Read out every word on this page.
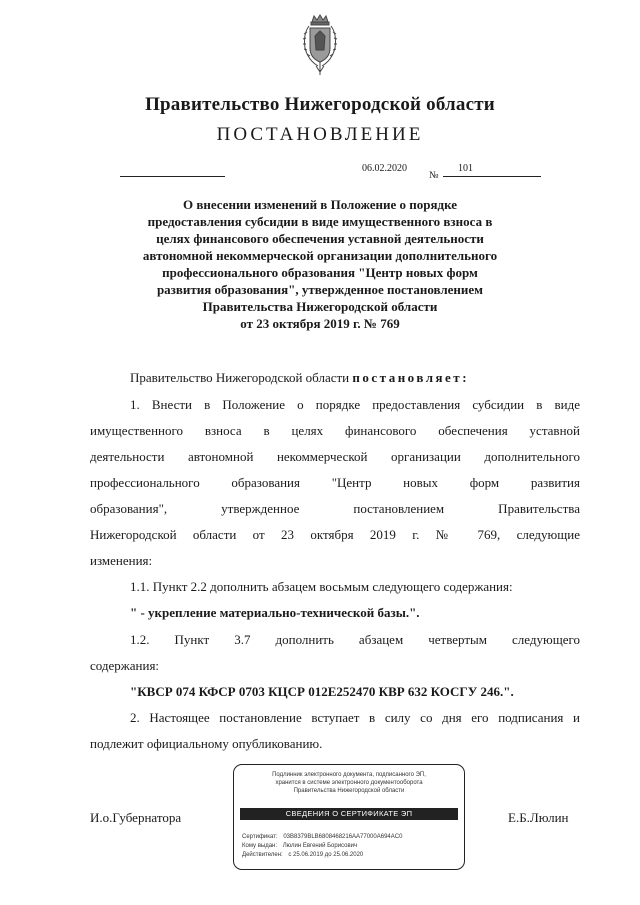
Правительство Нижегородской области
ПОСТАНОВЛЕНИЕ
06.02.2020
№
101
О внесении изменений в Положение о порядке
предоставления субсидии в виде имущественного взноса в
целях финансового обеспечения уставной деятельности
автономной некоммерческой организации дополнительного
профессионального образования "Центр новых форм
развития образования", утвержденное постановлением
Правительства Нижегородской области
от 23 октября 2019 г. № 769
Правительство Нижегородской области постановляет:
1. Внести в Положение о порядке предоставления субсидии в виде
имущественного взноса в целях финансового обеспечения уставной
деятельности автономной некоммерческой организации дополнительного
профессионального образования "Центр новых форм развития
образования", утвержденное постановлением Правительства
Нижегородской области от 23 октября 2019 г. № 769, следующие
изменения:
1.1. Пункт 2.2 дополнить абзацем восьмым следующего содержания:
" - укрепление материально-технической базы.".
1.2. Пункт 3.7 дополнить абзацем четвертым следующего
содержания:
"КВСР 074 КФСР 0703 КЦСР 012Е252470 КВР 632 КОСГУ 246.".
2. Настоящее постановление вступает в силу со дня его подписания и
подлежит официальному опубликованию.
И.о.Губернатора	Е.Б.Люлин
Подлинник электронного документа, подписанного ЭП,
хранится в системе электронного документооборота
Правительства Нижегородской области
СВЕДЕНИЯ О СЕРТИФИКАТЕ ЭП
Сертификат: 03B8379BLB6808468216AA77000A694AC0
Кому выдан: Люлин Евгений Борисович
Действителен: с 25.06.2019 до 25.06.2020
